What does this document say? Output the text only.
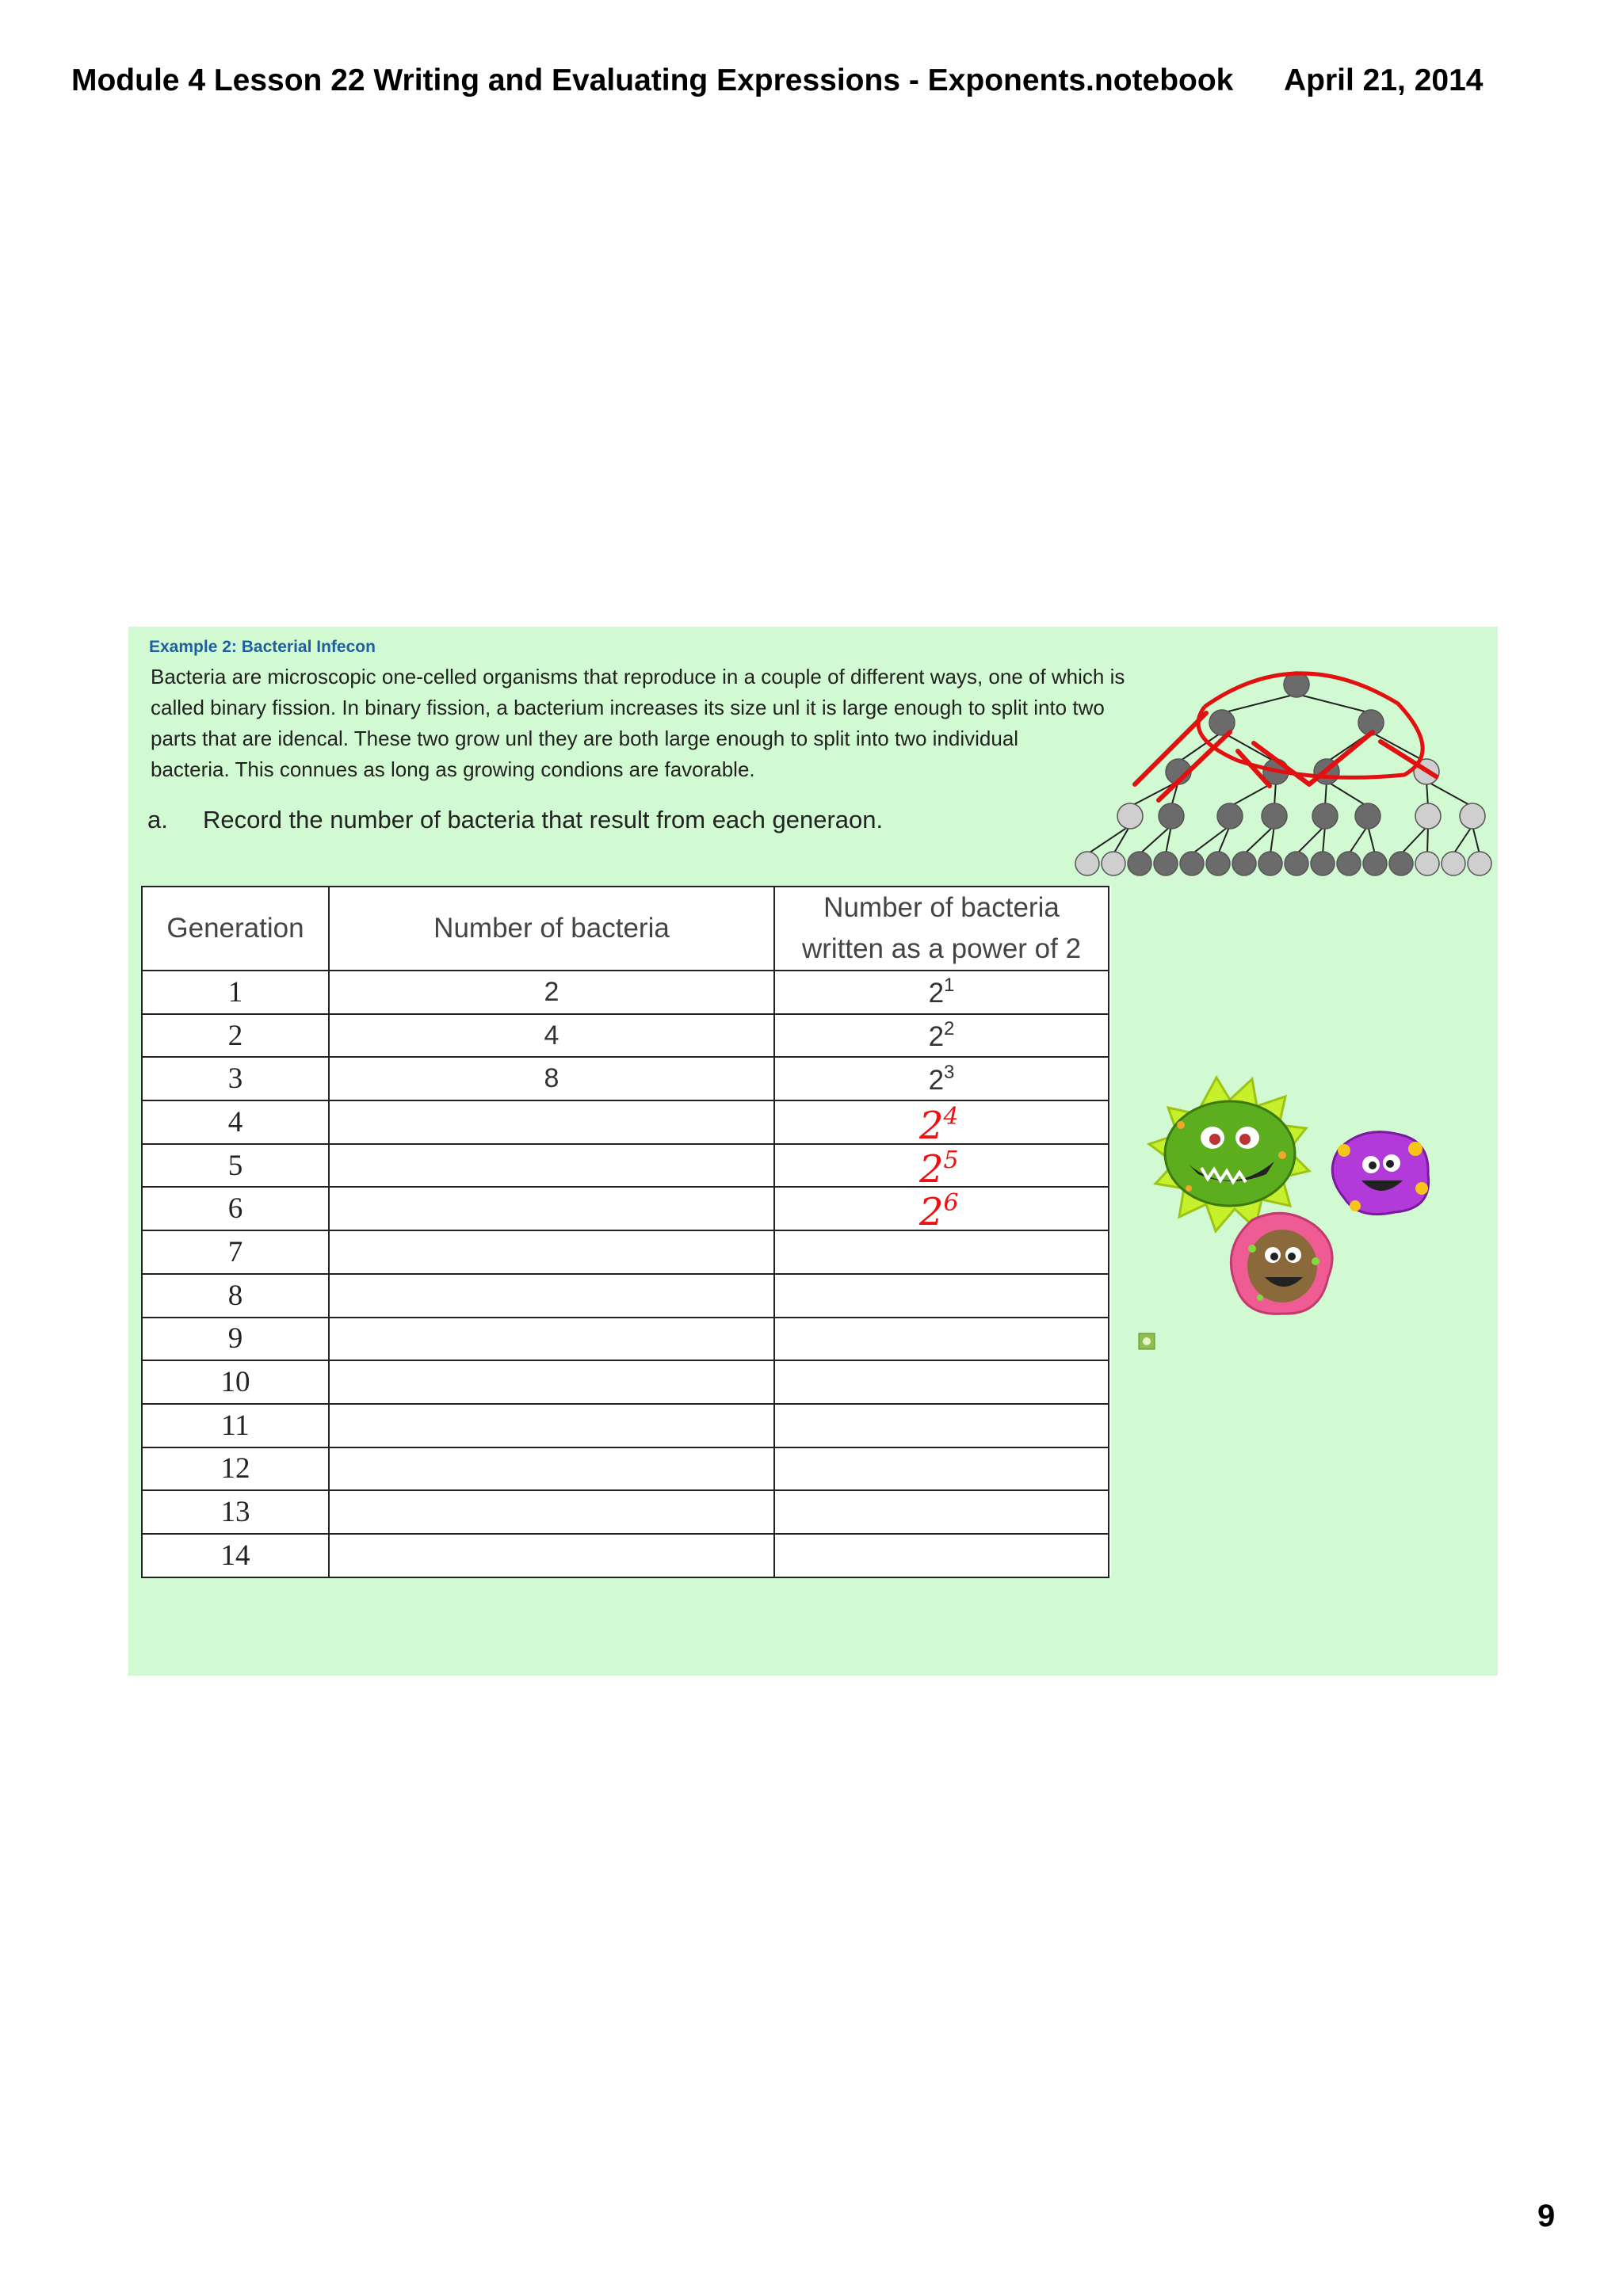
Module 4 Lesson 22 Writing and Evaluating Expressions - Exponents.notebook April 21, 2014
Example 2: Bacterial Infecon
Bacteria are microscopic one-celled organisms that reproduce in a couple of different ways, one of which is
called binary fission. In binary fission, a bacterium increases its size unl it is large enough to split into two
parts that are idencal. These two grow unl they are both large enough to split into two individual
bacteria. This connues as long as growing condions are favorable.
a. Record the number of bacteria that result from each generaon.
Generation	Number of bacteria	Number of bacteria
written as a power of 2
1	2	$2^1$
2	4	$2^2$
3	8	$2^3$
4		$2^4$

5		$2^5$

6		$2^6$

7		
8		
9		
10		
11		
12		
13		
14		
9
